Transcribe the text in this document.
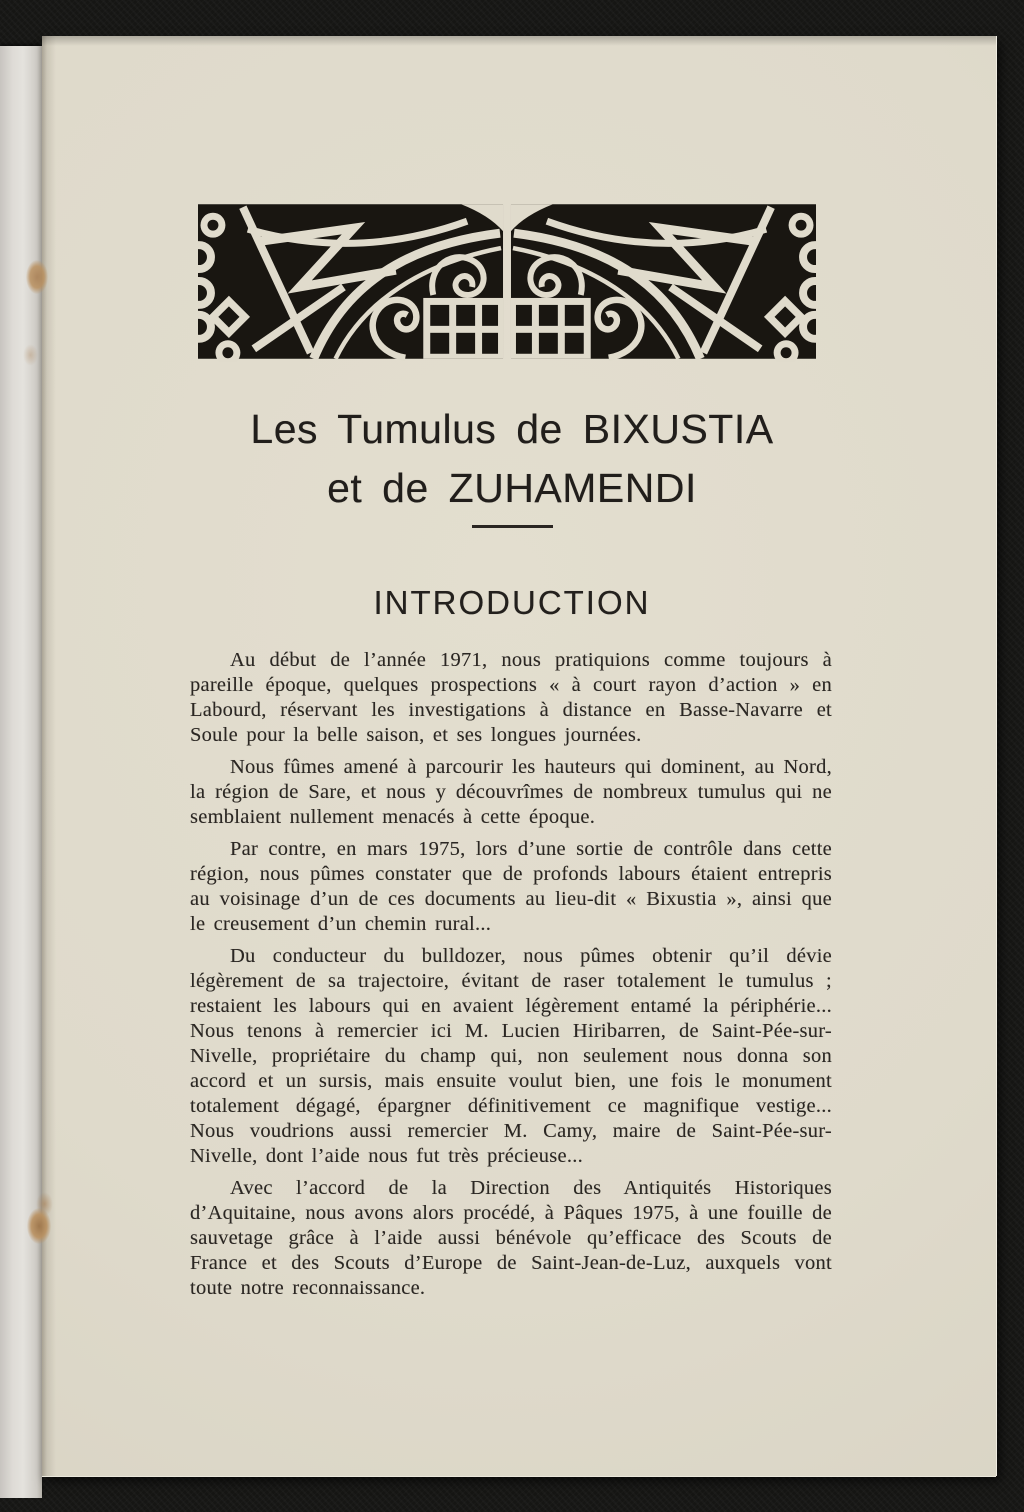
Les Tumulus de BIXUSTIA
et de ZUHAMENDI
INTRODUCTION

Au début de l’année 1971, nous pratiquions comme toujours à pareille époque, quelques prospections « à court rayon d’action » en Labourd, réservant les investigations à distance en Basse-Navarre et Soule pour la belle saison, et ses longues journées.

Nous fûmes amené à parcourir les hauteurs qui dominent, au Nord, la région de Sare, et nous y découvrîmes de nombreux tumulus qui ne semblaient nullement menacés à cette époque.

Par contre, en mars 1975, lors d’une sortie de contrôle dans cette région, nous pûmes constater que de profonds labours étaient entrepris au voisinage d’un de ces documents au lieu-dit « Bixustia », ainsi que le creusement d’un chemin rural...

Du conducteur du bulldozer, nous pûmes obtenir qu’il dévie légèrement de sa trajectoire, évitant de raser totalement le tumulus ; restaient les labours qui en avaient légèrement entamé la périphérie... Nous tenons à remercier ici M. Lucien Hiribarren, de Saint-Pée-sur-Nivelle, propriétaire du champ qui, non seulement nous donna son accord et un sursis, mais ensuite voulut bien, une fois le monument totalement dégagé, épargner définitivement ce magnifique vestige... Nous voudrions aussi remercier M. Camy, maire de Saint-Pée-sur-Nivelle, dont l’aide nous fut très précieuse...

Avec l’accord de la Direction des Antiquités Historiques d’Aquitaine, nous avons alors procédé, à Pâques 1975, à une fouille de sauvetage grâce à l’aide aussi bénévole qu’efficace des Scouts de France et des Scouts d’Europe de Saint-Jean-de-Luz, auxquels vont toute notre reconnaissance.
